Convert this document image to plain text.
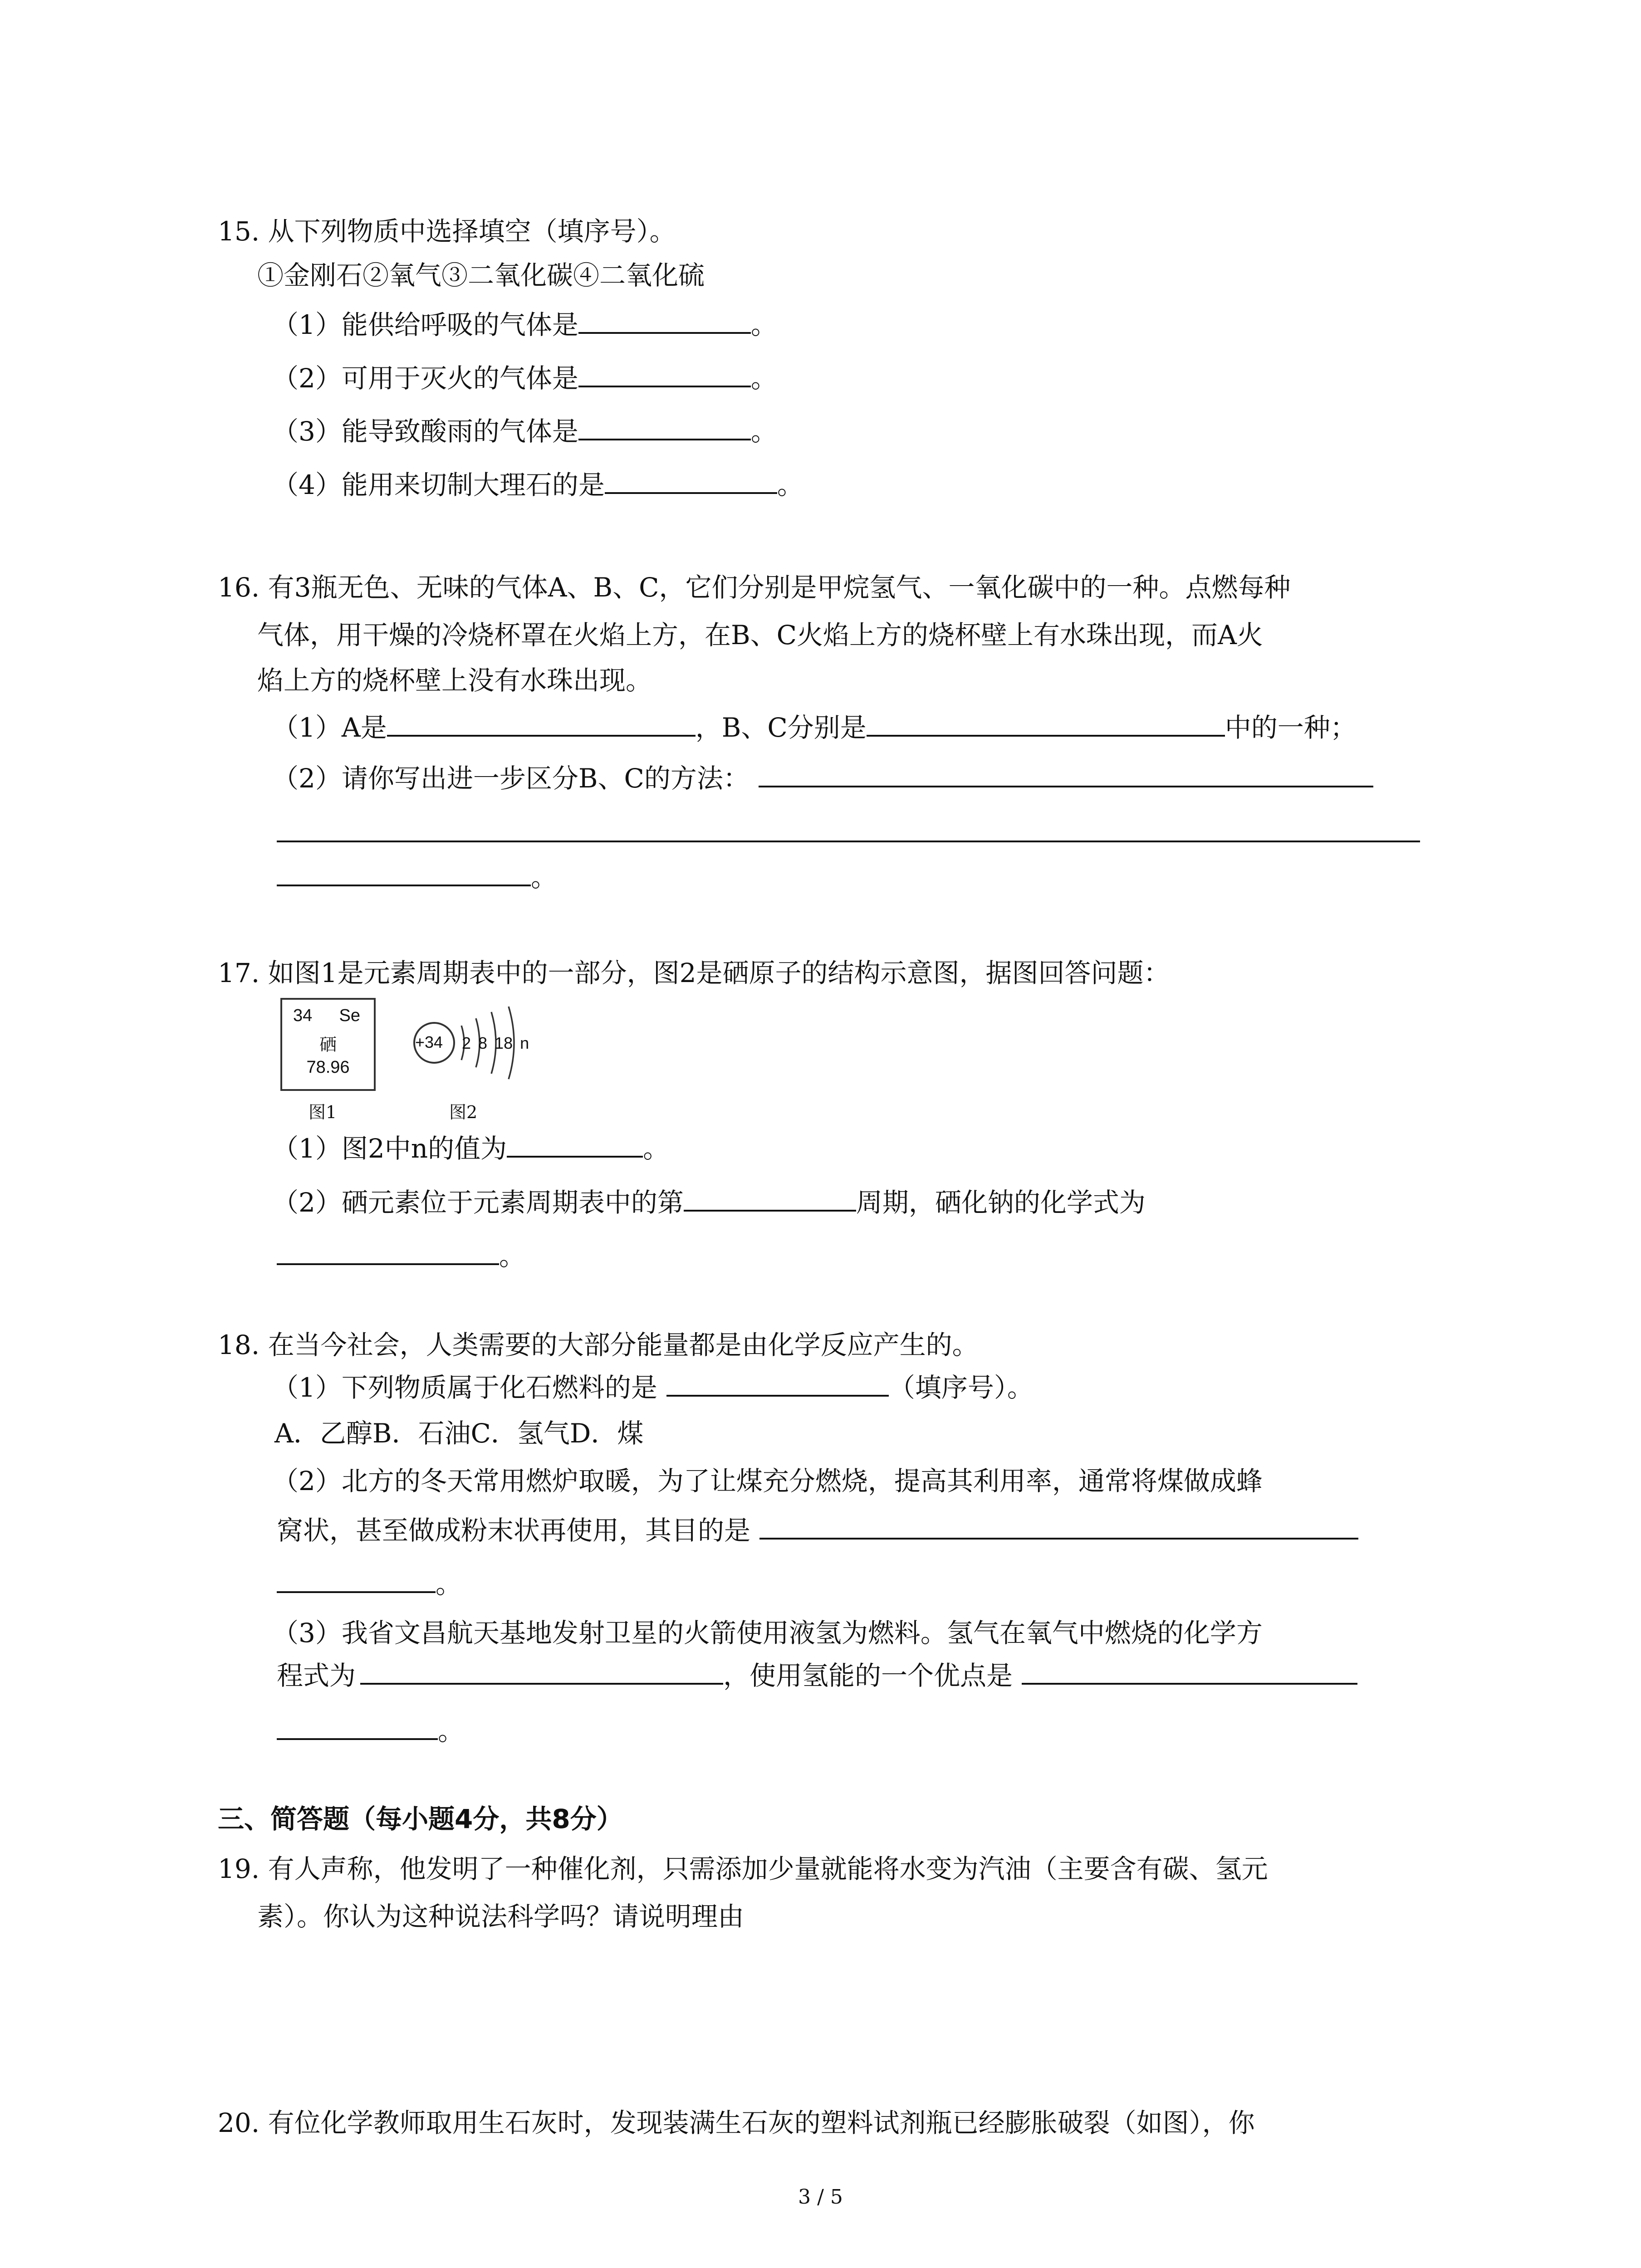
15. 从下列物质中选择填空（填序号）。
①金刚石②氧气③二氧化碳④二氧化硫
（1）能供给呼吸的气体是	。
（2）可用于灭火的气体是	。
（3）能导致酸雨的气体是	。
（4）能用来切制大理石的是	。
16. 有3瓶无色、无味的气体A、B、C，它们分别是甲烷氢气、一氧化碳中的一种。点燃每种
气体，用干燥的冷烧杯罩在火焰上方，在B、C火焰上方的烧杯壁上有水珠出现，而A火
焰上方的烧杯壁上没有水珠出现。
（1）A是	，B、C分别是	中的一种；
（2）请你写出进一步区分B、C的方法：
。
17. 如图1是元素周期表中的一部分，图2是硒原子的结构示意图，据图回答问题：
34 Se
硒
78.96
图1
+34 2 8 18 n
图2
（1）图2中n的值为	。
（2）硒元素位于元素周期表中的第	周期，硒化钠的化学式为
。
18. 在当今社会，人类需要的大部分能量都是由化学反应产生的。
（1）下列物质属于化石燃料的是	（填序号）。
A．乙醇B．石油C．氢气D．煤
（2）北方的冬天常用燃炉取暖，为了让煤充分燃烧，提高其利用率，通常将煤做成蜂
窝状，甚至做成粉末状再使用，其目的是
。
（3）我省文昌航天基地发射卫星的火箭使用液氢为燃料。氢气在氧气中燃烧的化学方
程式为	，使用氢能的一个优点是
。
三、简答题（每小题4分，共8分）
19. 有人声称，他发明了一种催化剂，只需添加少量就能将水变为汽油（主要含有碳、氢元
素）。你认为这种说法科学吗？请说明理由
20. 有位化学教师取用生石灰时，发现装满生石灰的塑料试剂瓶已经膨胀破裂（如图），你
3 / 5
